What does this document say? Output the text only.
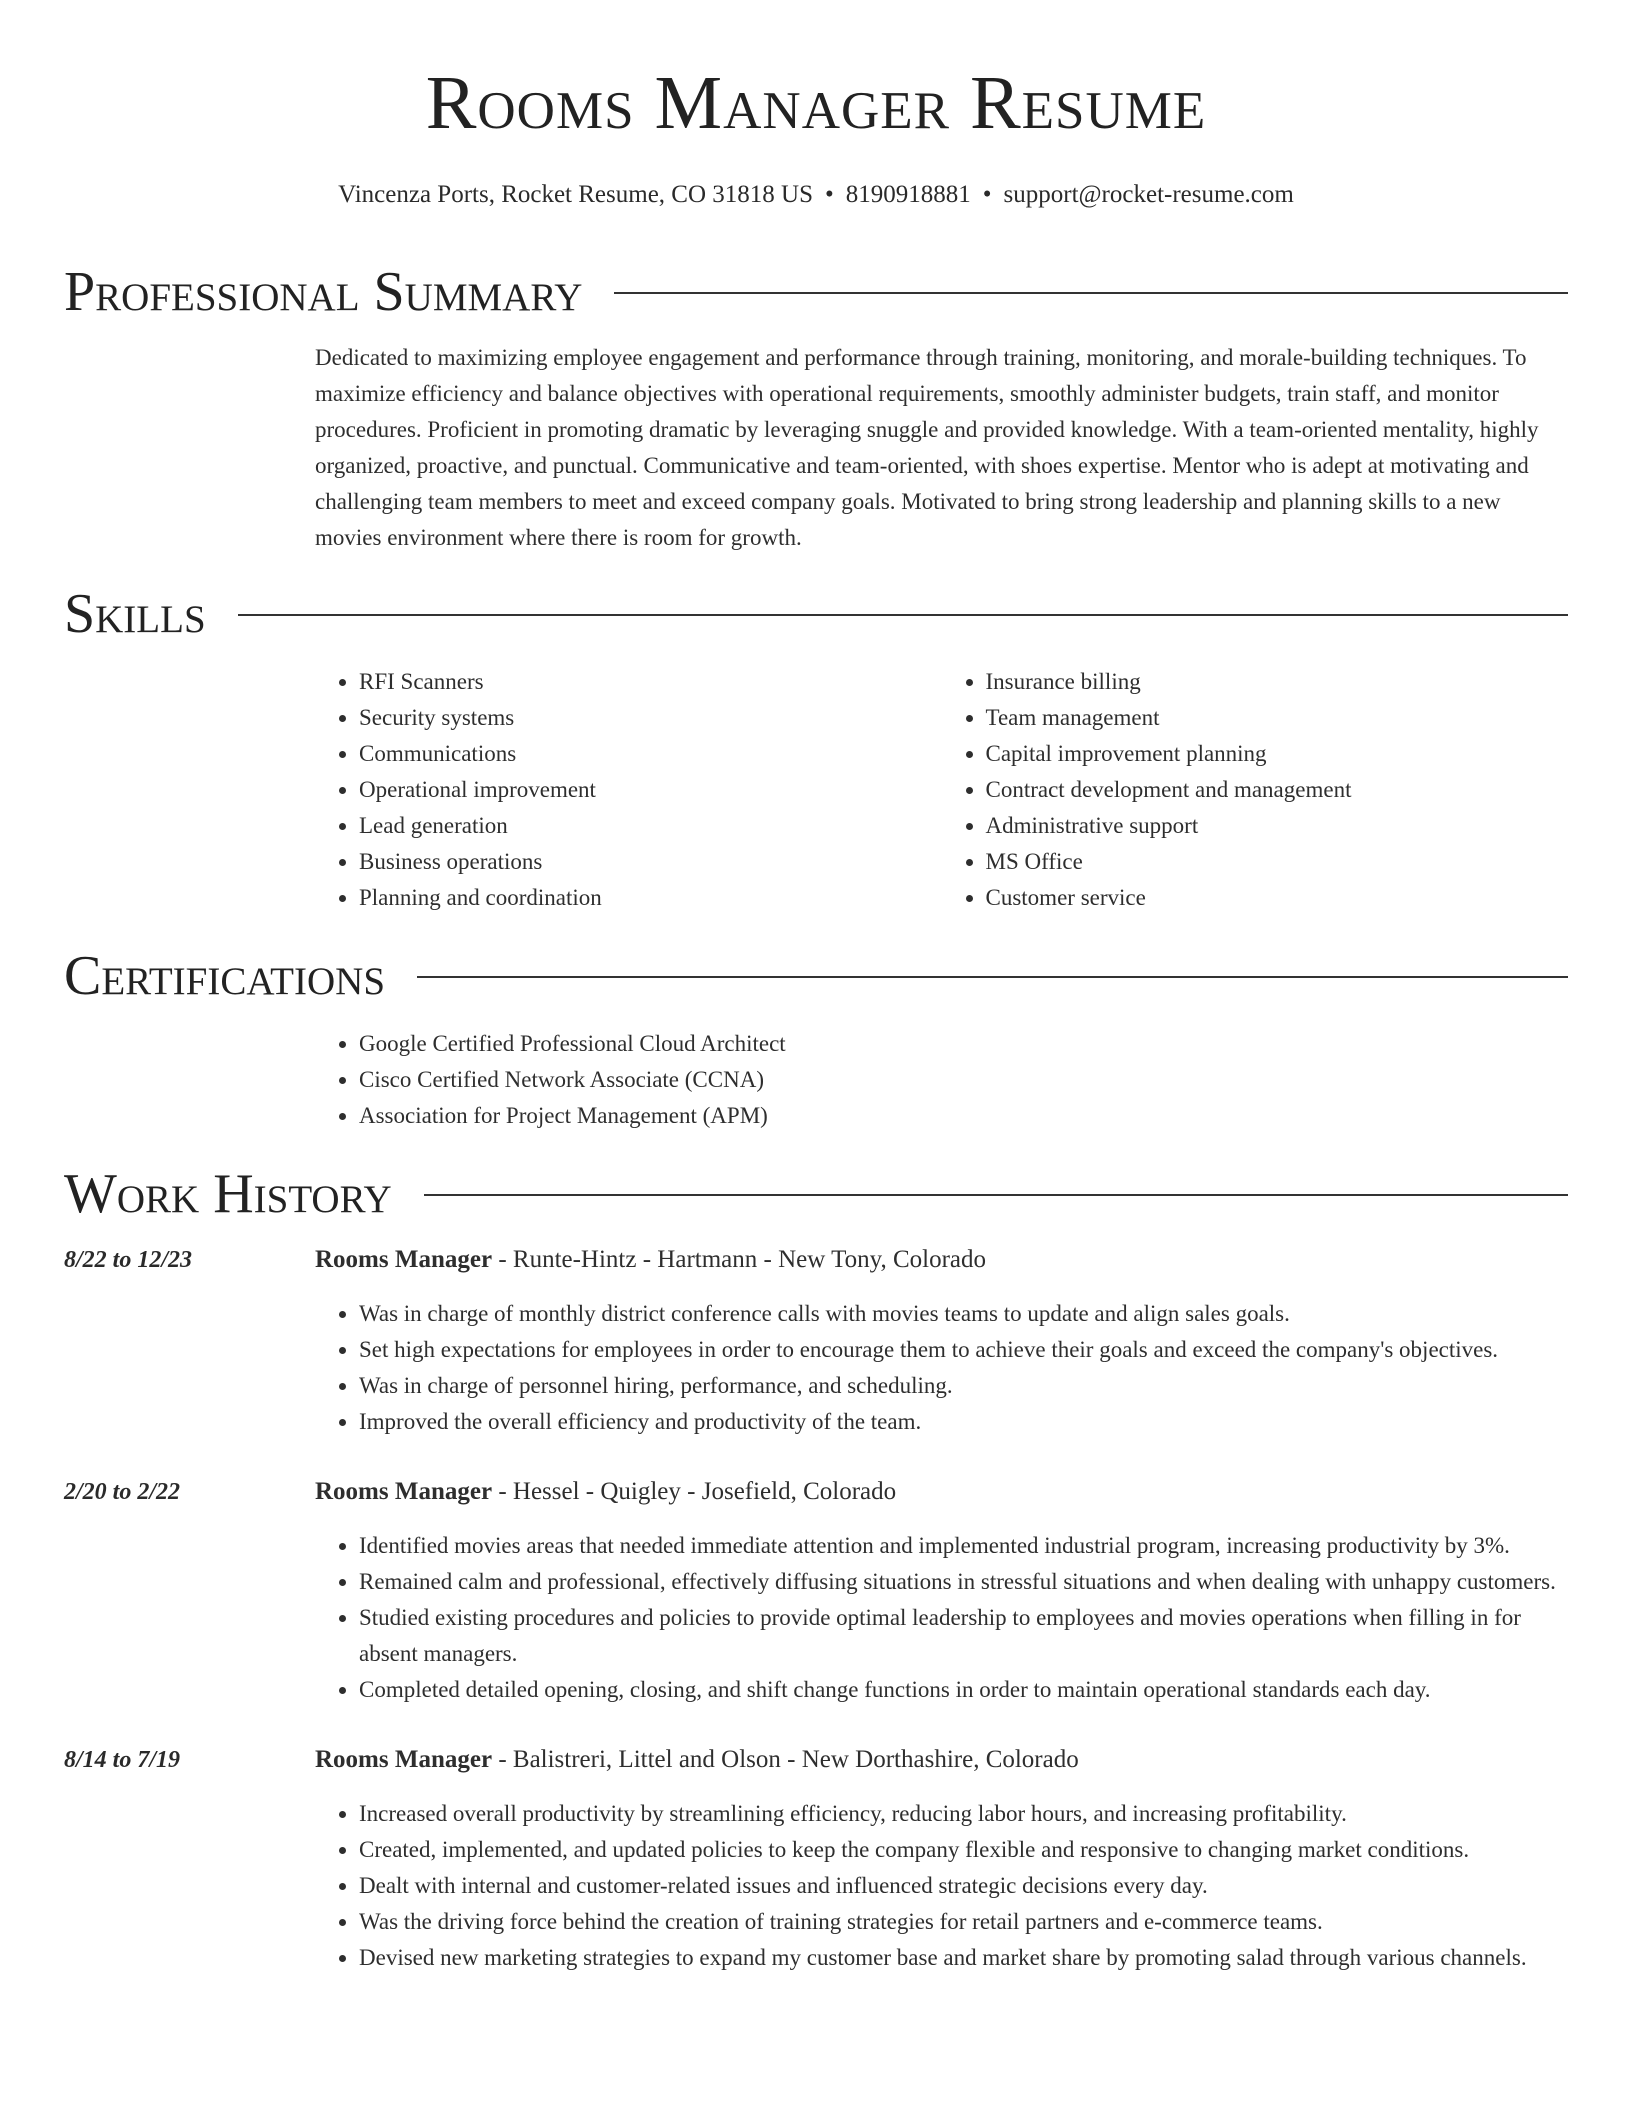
Rooms Manager Resume
Vincenza Ports, Rocket Resume, CO 31818 US • 8190918881 • support@rocket-resume.com
Professional Summary

Dedicated to maximizing employee engagement and performance through training, monitoring, and morale-building techniques. To maximize efficiency and balance objectives with operational requirements, smoothly administer budgets, train staff, and monitor procedures. Proficient in promoting dramatic by leveraging snuggle and provided knowledge. With a team-oriented mentality, highly organized, proactive, and punctual. Communicative and team-oriented, with shoes expertise. Mentor who is adept at motivating and challenging team members to meet and exceed company goals. Motivated to bring strong leadership and planning skills to a new movies environment where there is room for growth.

Skills
• RFI Scanners
• Security systems
• Communications
• Operational improvement
• Lead generation
• Business operations
• Planning and coordination
• Insurance billing
• Team management
• Capital improvement planning
• Contract development and management
• Administrative support
• MS Office
• Customer service
Certifications
• Google Certified Professional Cloud Architect
• Cisco Certified Network Associate (CCNA)
• Association for Project Management (APM)
Work History
8/22 to 12/23	Rooms Manager - Runte-Hintz - Hartmann - New Tony, Colorado
• Was in charge of monthly district conference calls with movies teams to update and align sales goals.
• Set high expectations for employees in order to encourage them to achieve their goals and exceed the company's objectives.
• Was in charge of personnel hiring, performance, and scheduling.
• Improved the overall efficiency and productivity of the team.
2/20 to 2/22	Rooms Manager - Hessel - Quigley - Josefield, Colorado
• Identified movies areas that needed immediate attention and implemented industrial program, increasing productivity by 3%.
• Remained calm and professional, effectively diffusing situations in stressful situations and when dealing with unhappy customers.
• Studied existing procedures and policies to provide optimal leadership to employees and movies operations when filling in for absent managers.
• Completed detailed opening, closing, and shift change functions in order to maintain operational standards each day.
8/14 to 7/19	Rooms Manager - Balistreri, Littel and Olson - New Dorthashire, Colorado
• Increased overall productivity by streamlining efficiency, reducing labor hours, and increasing profitability.
• Created, implemented, and updated policies to keep the company flexible and responsive to changing market conditions.
• Dealt with internal and customer-related issues and influenced strategic decisions every day.
• Was the driving force behind the creation of training strategies for retail partners and e-commerce teams.
• Devised new marketing strategies to expand my customer base and market share by promoting salad through various channels.
